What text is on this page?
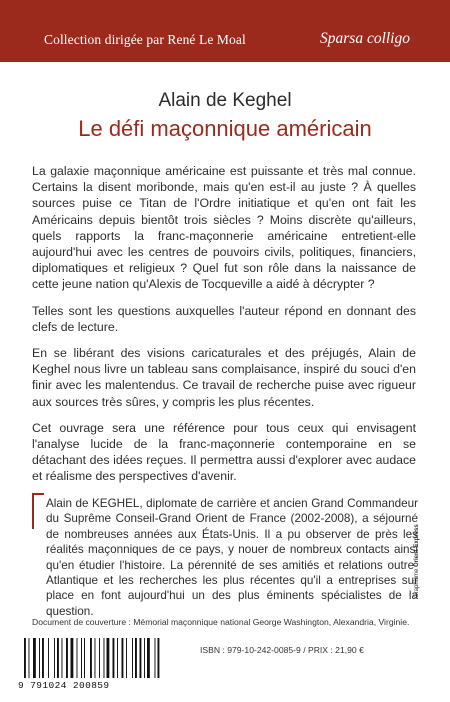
Collection dirigée par René Le Moal	Sparsa colligo
Alain de Keghel
Le défi maçonnique américain

La galaxie maçonnique américaine est puissante et très mal connue. Certains la disent moribonde, mais qu'en est-il au juste ? À quelles sources puise ce Titan de l'Ordre initiatique et qu'en ont fait les Américains depuis bientôt trois siècles ? Moins discrète qu'ailleurs, quels rapports la franc-maçonnerie américaine entretient-elle aujourd'hui avec les centres de pouvoirs civils, politiques, financiers, diplomatiques et religieux ? Quel fut son rôle dans la naissance de cette jeune nation qu'Alexis de Tocqueville a aidé à décrypter ?

Telles sont les questions auxquelles l'auteur répond en donnant des clefs de lecture.

En se libérant des visions caricaturales et des préjugés, Alain de Keghel nous livre un tableau sans complaisance, inspiré du souci d'en finir avec les malentendus. Ce travail de recherche puise avec rigueur aux sources très sûres, y compris les plus récentes.

Cet ouvrage sera une référence pour tous ceux qui envisagent l'analyse lucide de la franc-maçonnerie contemporaine en se détachant des idées reçues. Il permettra aussi d'explorer avec audace et réalisme des perspectives d'avenir.

Alain de KEGHEL, diplomate de carrière et ancien Grand Commandeur du Suprême Conseil-Grand Orient de France (2002-2008), a séjourné de nombreuses années aux États-Unis. Il a pu observer de près les réalités maçonniques de ce pays, y nouer de nombreux contacts ainsi qu'en étudier l'histoire. La pérennité de ses amitiés et relations outre-Atlantique et les recherches les plus récentes qu'il a entreprises sur place en font aujourd'hui un des plus éminents spécialistes de la question.

Document de couverture : Mémorial maçonnique national George Washington, Alexandria, Virginie.
Graphisme Orient Express
ISBN : 979-10-242-0085-9 / PRIX : 21,90 €
9 791024 200859
